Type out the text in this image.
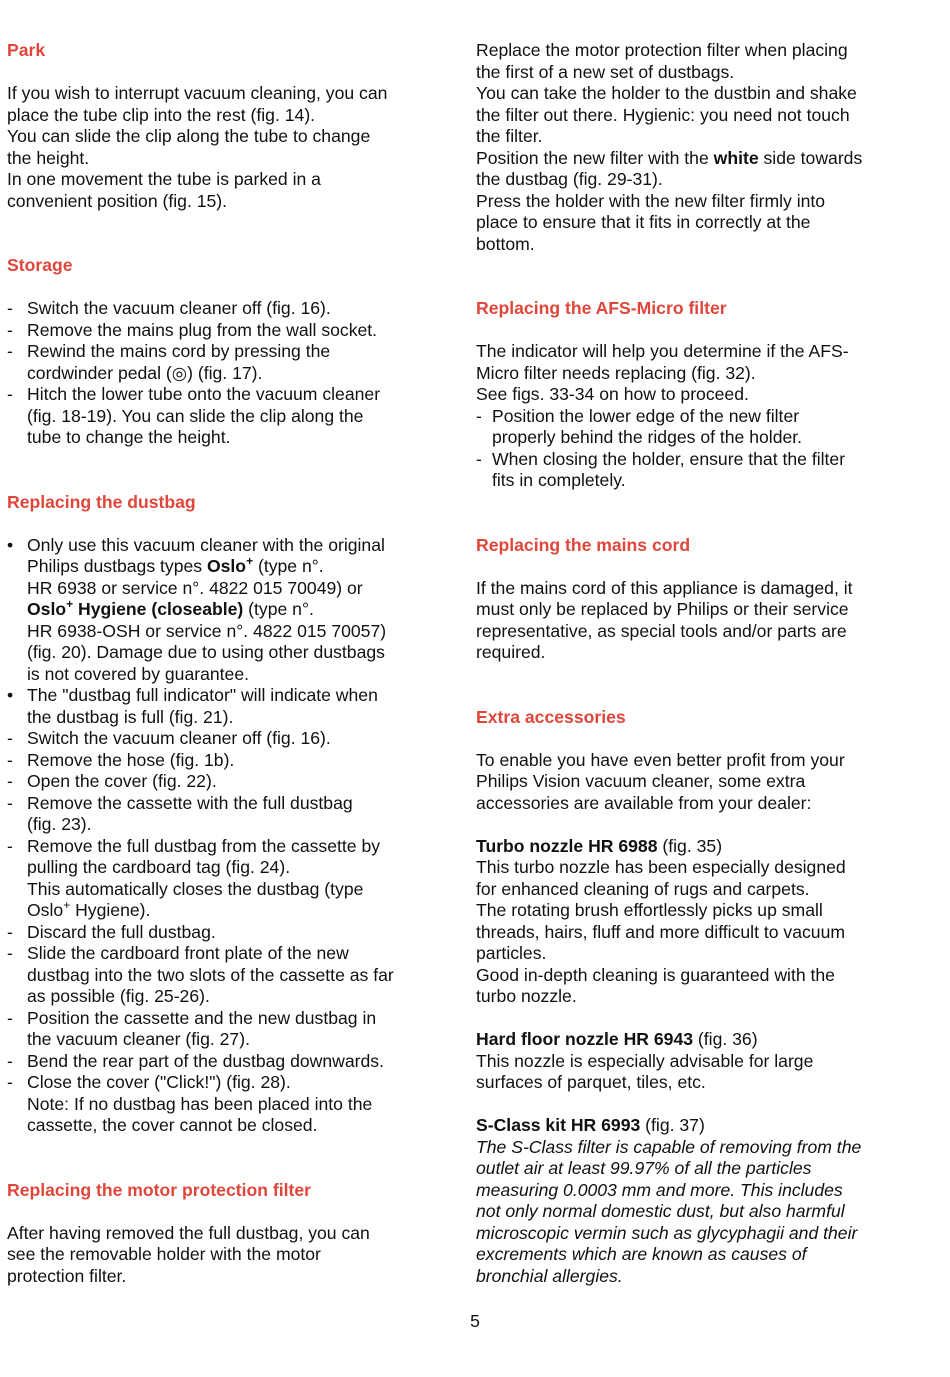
Park
If you wish to interrupt vacuum cleaning, you can
place the tube clip into the rest (fig. 14).
You can slide the clip along the tube to change
the height.
In one movement the tube is parked in a
convenient position (fig. 15).
Storage
- Switch the vacuum cleaner off (fig. 16).
- Remove the mains plug from the wall socket.
- Rewind the mains cord by pressing the
cordwinder pedal (◎) (fig. 17).
- Hitch the lower tube onto the vacuum cleaner
(fig. 18-19). You can slide the clip along the
tube to change the height.
Replacing the dustbag
• Only use this vacuum cleaner with the original
Philips dustbags types Oslo+ (type n°.
HR 6938 or service n°. 4822 015 70049) or
Oslo+ Hygiene (closeable) (type n°.
HR 6938-OSH or service n°. 4822 015 70057)
(fig. 20). Damage due to using other dustbags
is not covered by guarantee.
• The "dustbag full indicator" will indicate when
the dustbag is full (fig. 21).
- Switch the vacuum cleaner off (fig. 16).
- Remove the hose (fig. 1b).
- Open the cover (fig. 22).
- Remove the cassette with the full dustbag
(fig. 23).
- Remove the full dustbag from the cassette by
pulling the cardboard tag (fig. 24).
This automatically closes the dustbag (type
Oslo+ Hygiene).
- Discard the full dustbag.
- Slide the cardboard front plate of the new
dustbag into the two slots of the cassette as far
as possible (fig. 25-26).
- Position the cassette and the new dustbag in
the vacuum cleaner (fig. 27).
- Bend the rear part of the dustbag downwards.
- Close the cover ("Click!") (fig. 28).
Note: If no dustbag has been placed into the
cassette, the cover cannot be closed.
Replacing the motor protection filter
After having removed the full dustbag, you can
see the removable holder with the motor
protection filter.
Replace the motor protection filter when placing
the first of a new set of dustbags.
You can take the holder to the dustbin and shake
the filter out there. Hygienic: you need not touch
the filter.
Position the new filter with the white side towards
the dustbag (fig. 29-31).
Press the holder with the new filter firmly into
place to ensure that it fits in correctly at the
bottom.
Replacing the AFS-Micro filter
The indicator will help you determine if the AFS-
Micro filter needs replacing (fig. 32).
See figs. 33-34 on how to proceed.
- Position the lower edge of the new filter
properly behind the ridges of the holder.
- When closing the holder, ensure that the filter
fits in completely.
Replacing the mains cord
If the mains cord of this appliance is damaged, it
must only be replaced by Philips or their service
representative, as special tools and/or parts are
required.
Extra accessories
To enable you have even better profit from your
Philips Vision vacuum cleaner, some extra
accessories are available from your dealer:
Turbo nozzle HR 6988 (fig. 35)
This turbo nozzle has been especially designed
for enhanced cleaning of rugs and carpets.
The rotating brush effortlessly picks up small
threads, hairs, fluff and more difficult to vacuum
particles.
Good in-depth cleaning is guaranteed with the
turbo nozzle.
Hard floor nozzle HR 6943 (fig. 36)
This nozzle is especially advisable for large
surfaces of parquet, tiles, etc.
S-Class kit HR 6993 (fig. 37)
The S-Class filter is capable of removing from the
outlet air at least 99.97% of all the particles
measuring 0.0003 mm and more. This includes
not only normal domestic dust, but also harmful
microscopic vermin such as glycyphagii and their
excrements which are known as causes of
bronchial allergies.
5
